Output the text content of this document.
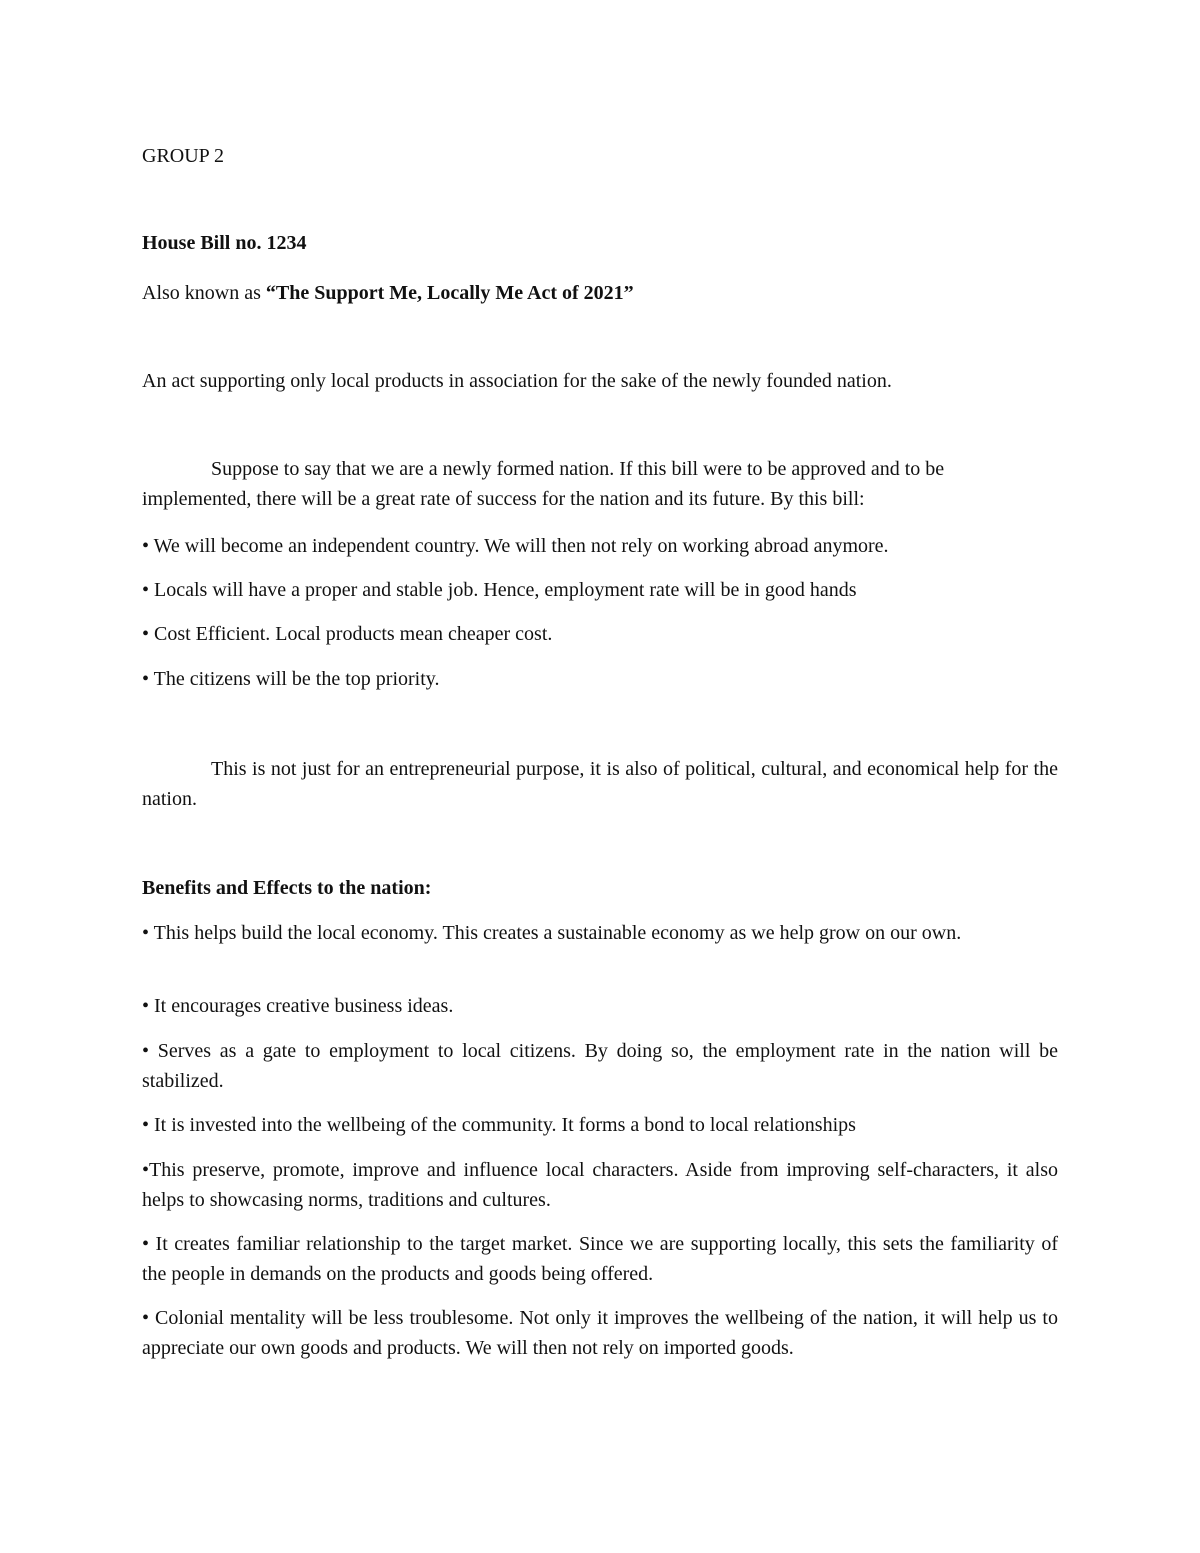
GROUP 2

House Bill no. 1234

Also known as “The Support Me, Locally Me Act of 2021”

An act supporting only local products in association for the sake of the newly founded nation.

Suppose to say that we are a newly formed nation. If this bill were to be approved and to be implemented, there will be a great rate of success for the nation and its future. By this bill:

• We will become an independent country. We will then not rely on working abroad anymore.

• Locals will have a proper and stable job. Hence, employment rate will be in good hands

• Cost Efficient. Local products mean cheaper cost.

• The citizens will be the top priority.

This is not just for an entrepreneurial purpose, it is also of political, cultural, and economical help for the nation.

Benefits and Effects to the nation:

• This helps build the local economy. This creates a sustainable economy as we help grow on our own.

• It encourages creative business ideas.

• Serves as a gate to employment to local citizens. By doing so, the employment rate in the nation will be stabilized.

• It is invested into the wellbeing of the community. It forms a bond to local relationships

•This preserve, promote, improve and influence local characters. Aside from improving self-characters, it also helps to showcasing norms, traditions and cultures.

• It creates familiar relationship to the target market. Since we are supporting locally, this sets the familiarity of the people in demands on the products and goods being offered.

• Colonial mentality will be less troublesome. Not only it improves the wellbeing of the nation, it will help us to appreciate our own goods and products. We will then not rely on imported goods.
